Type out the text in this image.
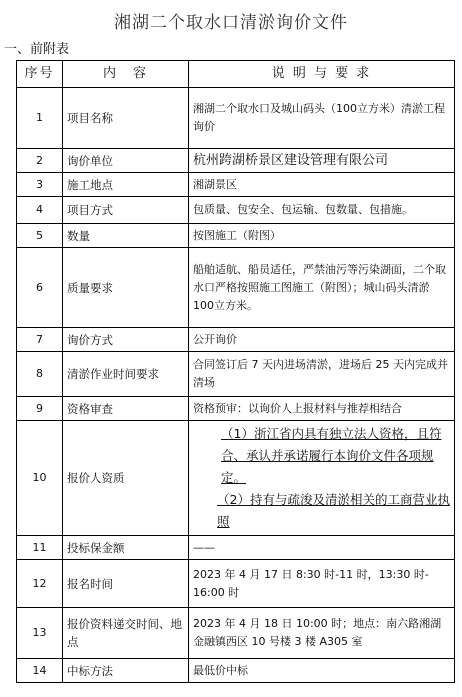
湘湖二个取水口清淤询价文件
一、前附表
序号	内　容	说 明 与 要 求
1	项目名称	湘湖二个取水口及城山码头（100立方米）清淤工程询价
2	询价单位	杭州跨湖桥景区建设管理有限公司
3	施工地点	湘湖景区
4	项目方式	包质量、包安全、包运输、包数量、包措施。
5	数量	按图施工（附图）
6	质量要求	船舶适航、船员适任，严禁油污等污染湖面，二个取水口严格按照施工图施工（附图）；城山码头清淤 100立方米。
7	询价方式	公开询价
8	清淤作业时间要求	合同签订后 7 天内进场清淤，进场后 25 天内完成并清场
9	资格审查	资格预审：以询价人上报材料与推荐相结合
10	报价人资质	（1）浙江省内具有独立法人资格，且符合、承认并承诺履行本询价文件各项规定。
（2）持有与疏浚及清淤相关的工商营业执照

11	投标保金额	——
12	报名时间	2023 年 4 月 17 日 8:30 时-11 时，13:30 时- 16:00 时
13	报价资料递交时间、地点	2023 年 4 月 18 日 10:00 时；地点：南六路湘湖金融镇西区 10 号楼 3 楼 A305 室
14	中标方法	最低价中标
